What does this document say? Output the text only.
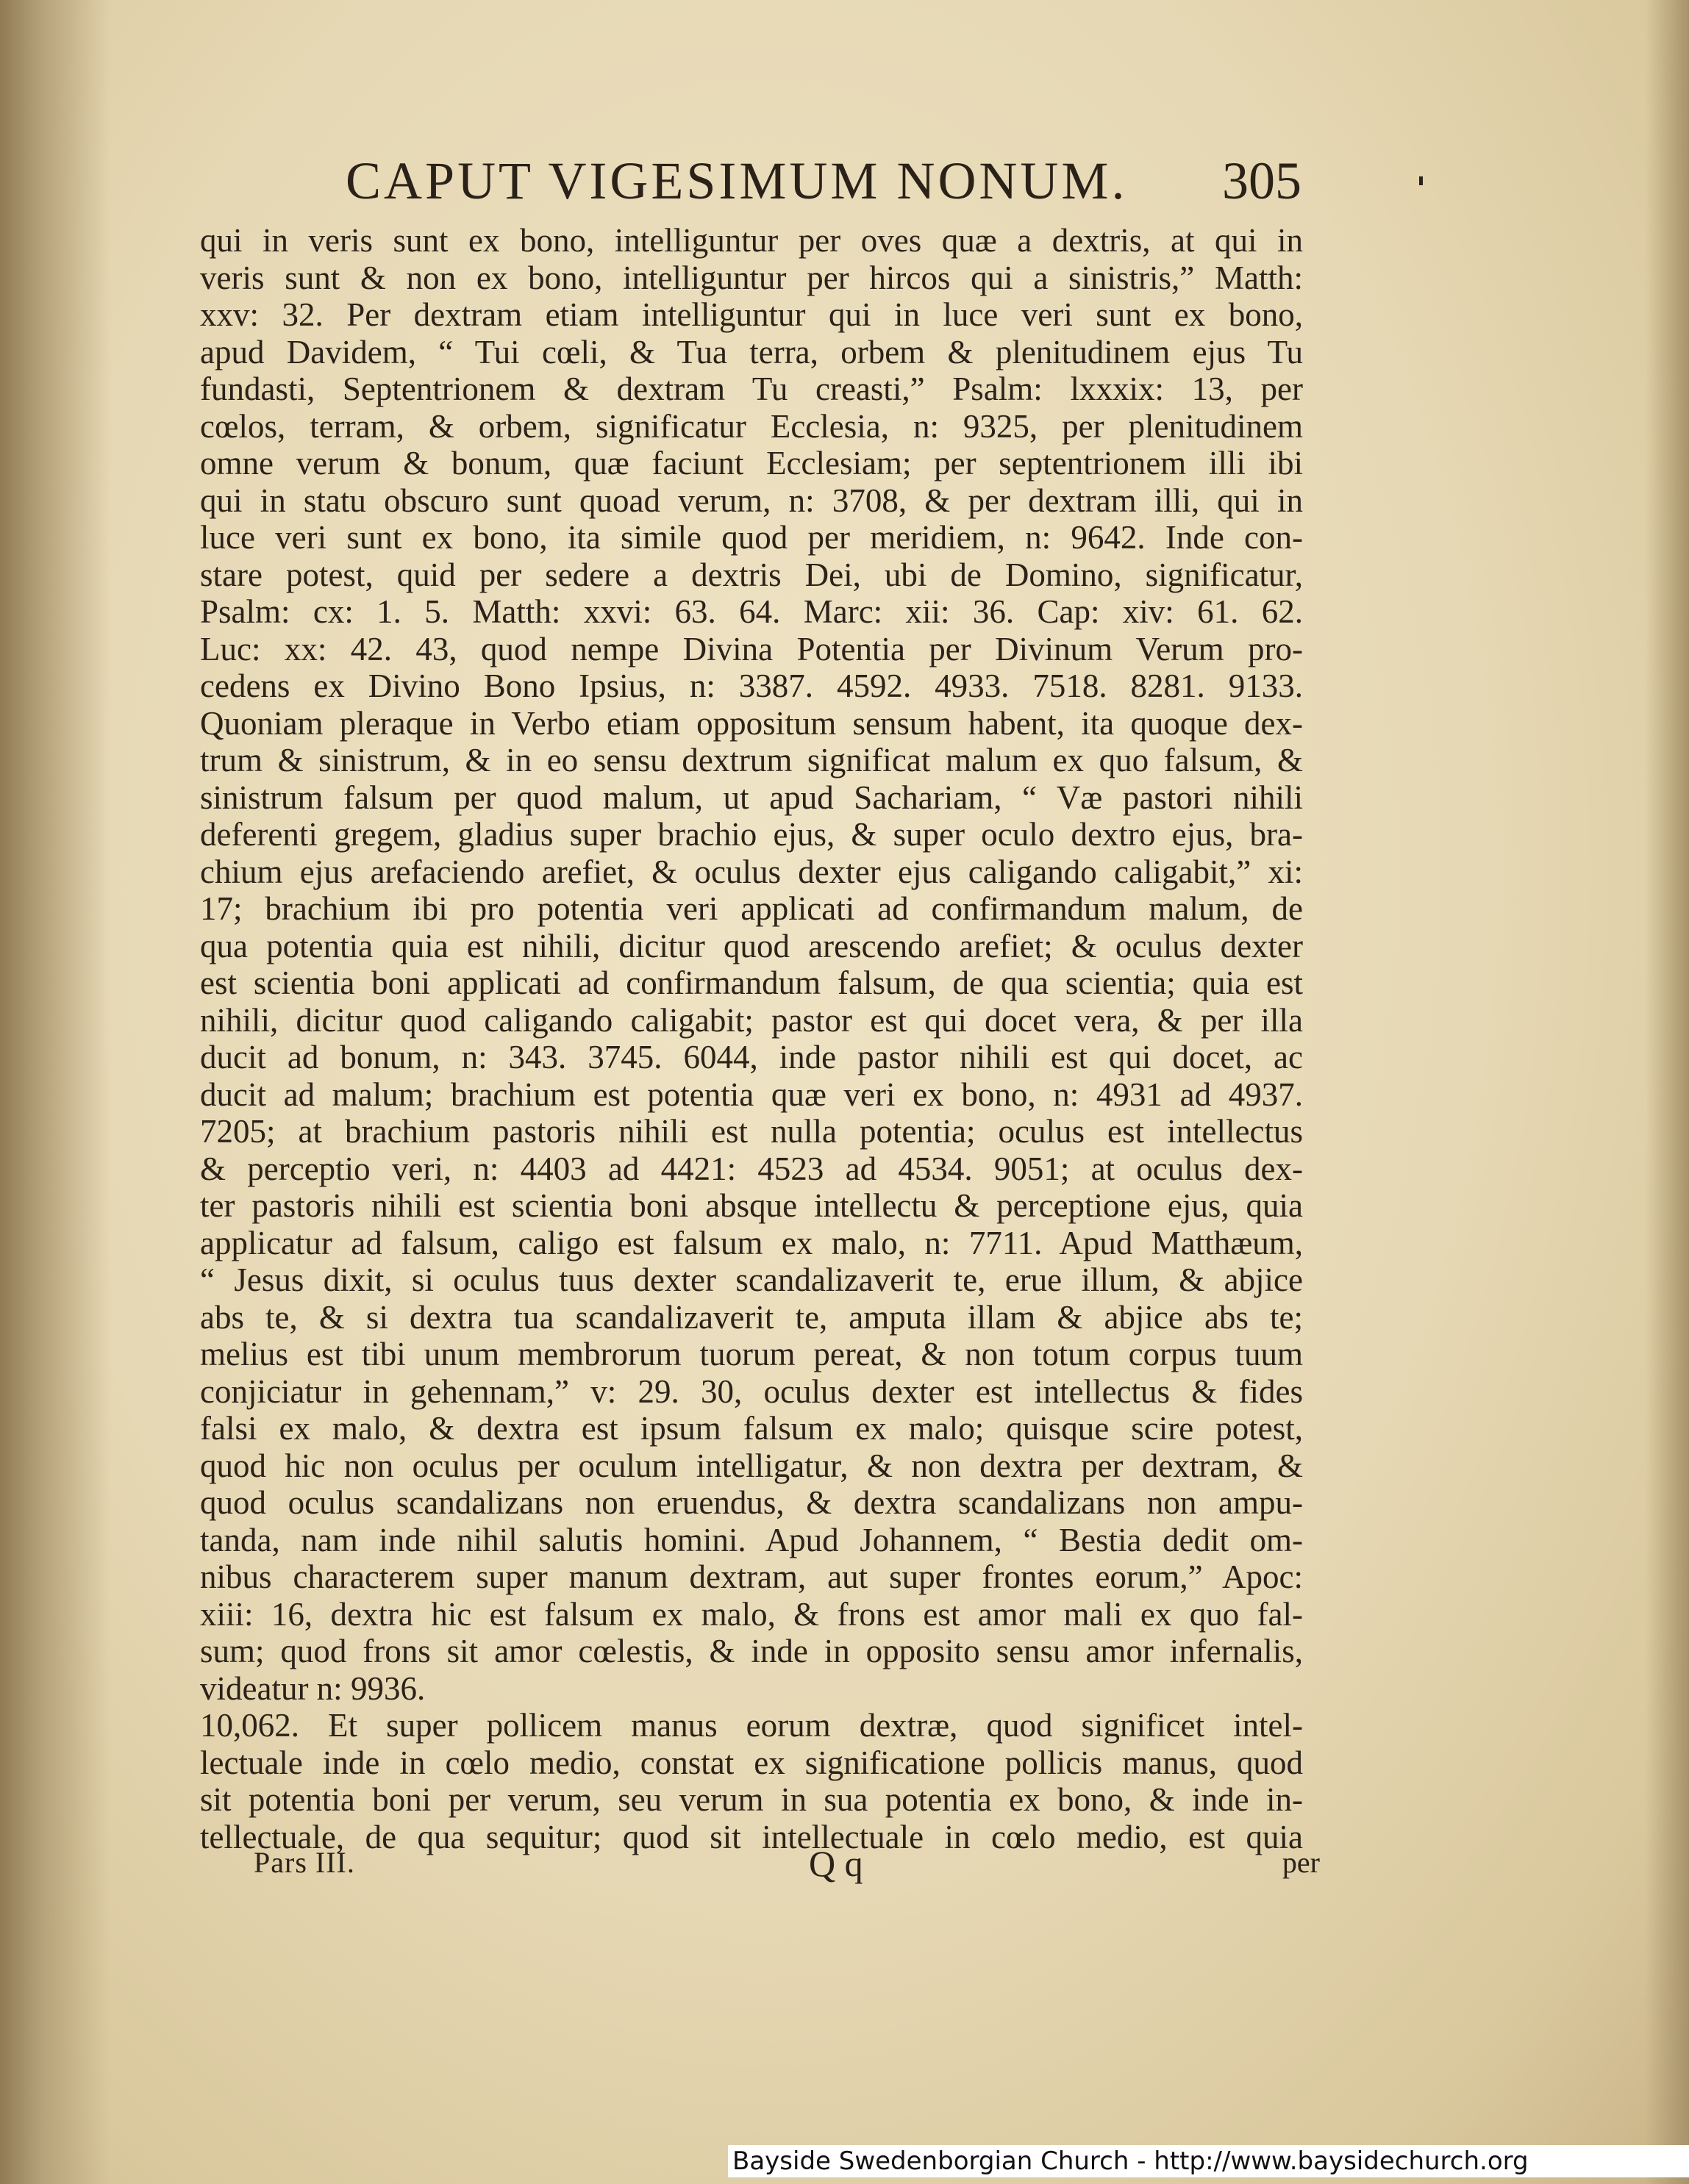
CAPUT VIGESIMUM NONUM. 305
qui in veris sunt ex bono, intelliguntur per oves quæ a dextris, at qui in
veris sunt & non ex bono, intelliguntur per hircos qui a sinistris,” Matth:
xxv: 32. Per dextram etiam intelliguntur qui in luce veri sunt ex bono,
apud Davidem, “ Tui cœli, & Tua terra, orbem & plenitudinem ejus Tu
fundasti, Septentrionem & dextram Tu creasti,” Psalm: lxxxix: 13, per
cœlos, terram, & orbem, significatur Ecclesia, n: 9325, per plenitudinem
omne verum & bonum, quæ faciunt Ecclesiam; per septentrionem illi ibi
qui in statu obscuro sunt quoad verum, n: 3708, & per dextram illi, qui in
luce veri sunt ex bono, ita simile quod per meridiem, n: 9642. Inde con-
stare potest, quid per sedere a dextris Dei, ubi de Domino, significatur,
Psalm: cx: 1. 5. Matth: xxvi: 63. 64. Marc: xii: 36. Cap: xiv: 61. 62.
Luc: xx: 42. 43, quod nempe Divina Potentia per Divinum Verum pro-
cedens ex Divino Bono Ipsius, n: 3387. 4592. 4933. 7518. 8281. 9133.
Quoniam pleraque in Verbo etiam oppositum sensum habent, ita quoque dex-
trum & sinistrum, & in eo sensu dextrum significat malum ex quo falsum, &
sinistrum falsum per quod malum, ut apud Sachariam, “ Væ pastori nihili
deferenti gregem, gladius super brachio ejus, & super oculo dextro ejus, bra-
chium ejus arefaciendo arefiet, & oculus dexter ejus caligando caligabit,” xi:
17; brachium ibi pro potentia veri applicati ad confirmandum malum, de
qua potentia quia est nihili, dicitur quod arescendo arefiet; & oculus dexter
est scientia boni applicati ad confirmandum falsum, de qua scientia; quia est
nihili, dicitur quod caligando caligabit; pastor est qui docet vera, & per illa
ducit ad bonum, n: 343. 3745. 6044, inde pastor nihili est qui docet, ac
ducit ad malum; brachium est potentia quæ veri ex bono, n: 4931 ad 4937.
7205; at brachium pastoris nihili est nulla potentia; oculus est intellectus
& perceptio veri, n: 4403 ad 4421: 4523 ad 4534. 9051; at oculus dex-
ter pastoris nihili est scientia boni absque intellectu & perceptione ejus, quia
applicatur ad falsum, caligo est falsum ex malo, n: 7711. Apud Matthæum,
“ Jesus dixit, si oculus tuus dexter scandalizaverit te, erue illum, & abjice
abs te, & si dextra tua scandalizaverit te, amputa illam & abjice abs te;
melius est tibi unum membrorum tuorum pereat, & non totum corpus tuum
conjiciatur in gehennam,” v: 29. 30, oculus dexter est intellectus & fides
falsi ex malo, & dextra est ipsum falsum ex malo; quisque scire potest,
quod hic non oculus per oculum intelligatur, & non dextra per dextram, &
quod oculus scandalizans non eruendus, & dextra scandalizans non ampu-
tanda, nam inde nihil salutis homini. Apud Johannem, “ Bestia dedit om-
nibus characterem super manum dextram, aut super frontes eorum,” Apoc:
xiii: 16, dextra hic est falsum ex malo, & frons est amor mali ex quo fal-
sum; quod frons sit amor cœlestis, & inde in opposito sensu amor infernalis,
videatur n: 9936.
10,062. Et super pollicem manus eorum dextræ, quod significet intel-
lectuale inde in cœlo medio, constat ex significatione pollicis manus, quod
sit potentia boni per verum, seu verum in sua potentia ex bono, & inde in-
tellectuale, de qua sequitur; quod sit intellectuale in cœlo medio, est quia
Pars III.	Q q	per
Bayside Swedenborgian Church - http://www.baysidechurch.org
